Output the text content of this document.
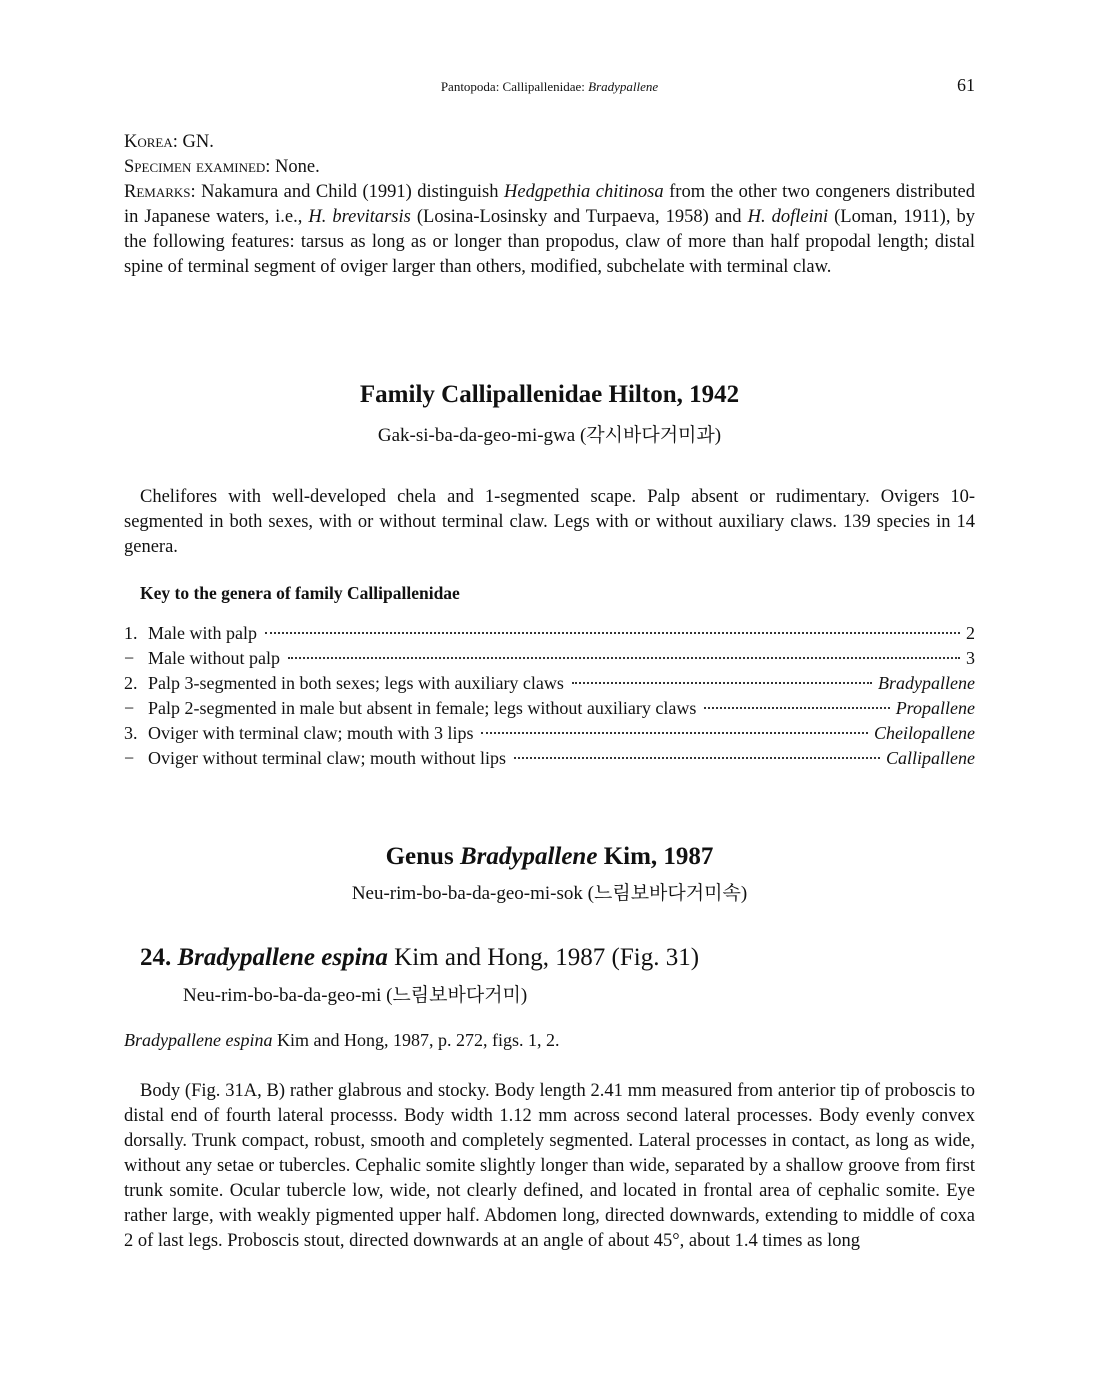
Pantopoda: Callipallenidae: Bradypallene	61
Korea: GN.
Specimen examined: None.
Remarks: Nakamura and Child (1991) distinguish Hedgpethia chitinosa from the other two congeners distributed in Japanese waters, i.e., H. brevitarsis (Losina-Losinsky and Turpaeva, 1958) and H. dofleini (Loman, 1911), by the following features: tarsus as long as or longer than propodus, claw of more than half propodal length; distal spine of terminal segment of oviger larger than others, modified, subchelate with terminal claw.
Family Callipallenidae Hilton, 1942
Gak-si-ba-da-geo-mi-gwa (각시바다거미과)
Chelifores with well-developed chela and 1-segmented scape. Palp absent or rudimentary. Ovigers 10-segmented in both sexes, with or without terminal claw. Legs with or without auxiliary claws. 139 species in 14 genera.
Key to the genera of family Callipallenidae
1. Male with palp	2
− Male without palp	3
2. Palp 3-segmented in both sexes; legs with auxiliary claws	Bradypallene
− Palp 2-segmented in male but absent in female; legs without auxiliary claws	Propallene
3. Oviger with terminal claw; mouth with 3 lips	Cheilopallene
− Oviger without terminal claw; mouth without lips	Callipallene
Genus Bradypallene Kim, 1987
Neu-rim-bo-ba-da-geo-mi-sok (느림보바다거미속)
24. Bradypallene espina Kim and Hong, 1987 (Fig. 31)
Neu-rim-bo-ba-da-geo-mi (느림보바다거미)
Bradypallene espina Kim and Hong, 1987, p. 272, figs. 1, 2.
Body (Fig. 31A, B) rather glabrous and stocky. Body length 2.41 mm measured from anterior tip of proboscis to distal end of fourth lateral processs. Body width 1.12 mm across second lateral processes. Body evenly convex dorsally. Trunk compact, robust, smooth and completely segmented. Lateral processes in contact, as long as wide, without any setae or tubercles. Cephalic somite slightly longer than wide, separated by a shallow groove from first trunk somite. Ocular tubercle low, wide, not clearly defined, and located in frontal area of cephalic somite. Eye rather large, with weakly pigmented upper half. Abdomen long, directed downwards, extending to middle of coxa 2 of last legs. Proboscis stout, directed downwards at an angle of about 45°, about 1.4 times as long
